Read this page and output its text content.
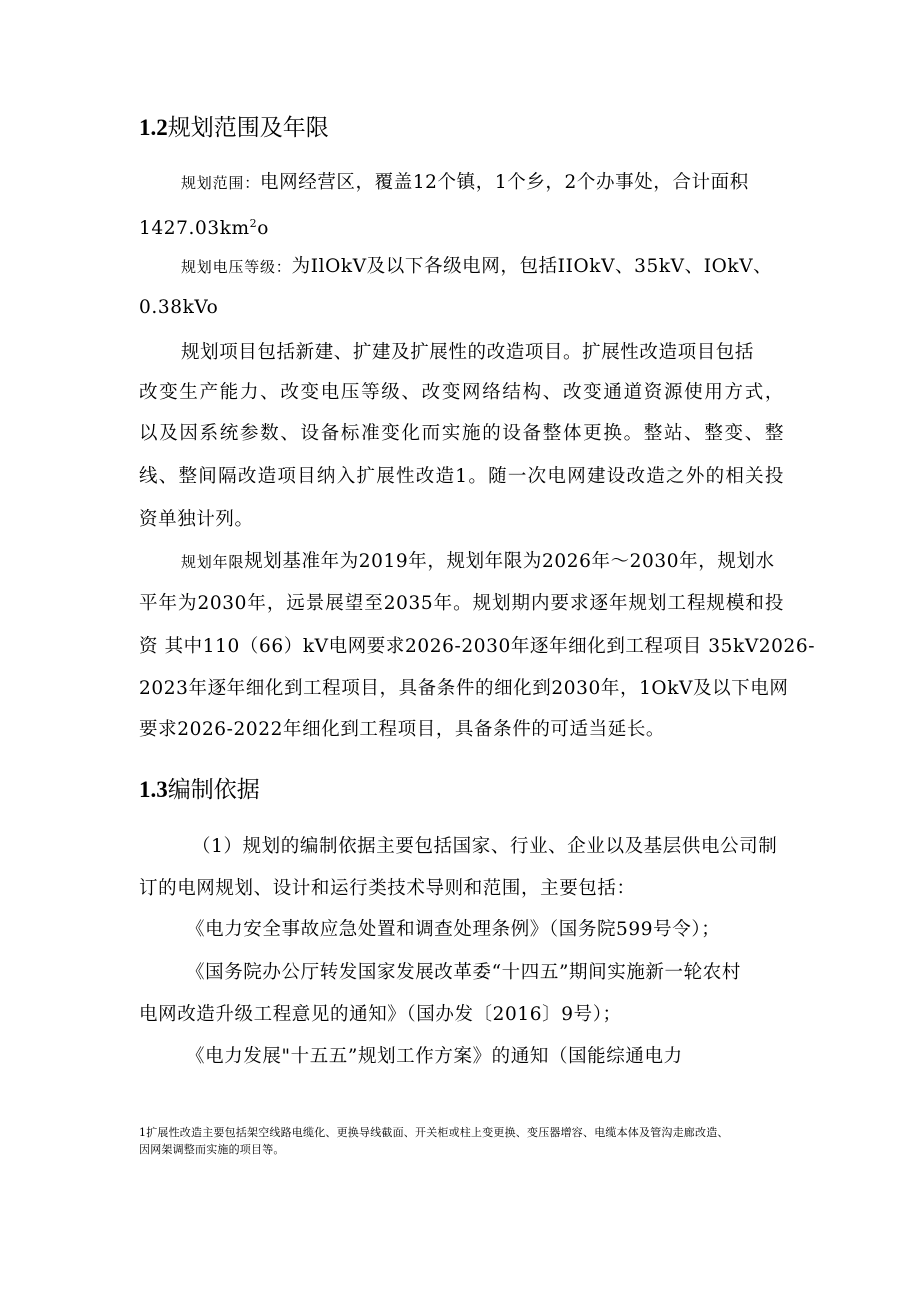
1.2规划范围及年限

规划范围：电网经营区，覆盖12个镇，1个乡，2个办事处，合计面积

$1427.03km^2o$

规划电压等级：为IlOkV及以下各级电网，包括IIOkV、35kV、IOkV、

0.38kVo

规划项目包括新建、扩建及扩展性的改造项目。扩展性改造项目包括

改变生产能力、改变电压等级、改变网络结构、改变通道资源使用方式，

以及因系统参数、设备标准变化而实施的设备整体更换。整站、整变、整

线、整间隔改造项目纳入扩展性改造1。随一次电网建设改造之外的相关投

资单独计列。

规划年限规划基准年为2019年，规划年限为2026年〜2030年，规划水

平年为2030年，远景展望至2035年。规划期内要求逐年规划工程规模和投

资 其中110（66）kV电网要求2026-2030年逐年细化到工程项目 35kV2026-

2023年逐年细化到工程项目，具备条件的细化到2030年，1OkV及以下电网

要求2026-2022年细化到工程项目，具备条件的可适当延长。

1.3编制依据

（1）规划的编制依据主要包括国家、行业、企业以及基层供电公司制

订的电网规划、设计和运行类技术导则和范围，主要包括：

《电力安全事故应急处置和调查处理条例》（国务院599号令）；

《国务院办公厅转发国家发展改革委“十四五”期间实施新一轮农村

电网改造升级工程意见的通知》（国办发〔2016〕9号）；

《电力发展"十五五”规划工作方案》的通知（国能综通电力

1扩展性改造主要包括架空线路电缆化、更换导线截面、开关柜或柱上变更换、变压器增容、电缆本体及管沟走廊改造、

因网架调整而实施的项目等。
